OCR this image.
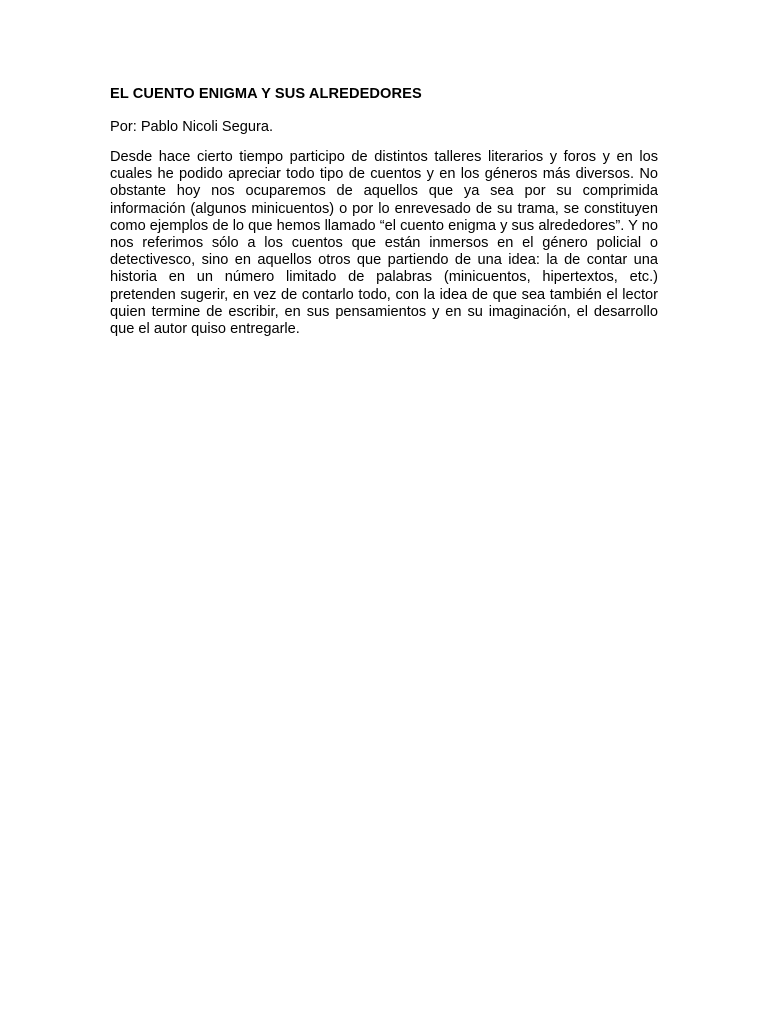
EL CUENTO ENIGMA Y SUS ALREDEDORES

Por: Pablo Nicoli Segura.

Desde hace cierto tiempo participo de distintos talleres literarios y foros y en los cuales he podido apreciar todo tipo de cuentos y en los géneros más diversos. No obstante hoy nos ocuparemos de aquellos que ya sea por su comprimida información (algunos minicuentos) o por lo enrevesado de su trama, se constituyen como ejemplos de lo que hemos llamado “el cuento enigma y sus alrededores”. Y no nos referimos sólo a los cuentos que están inmersos en el género policial o detectivesco, sino en aquellos otros que partiendo de una idea: la de contar una historia en un número limitado de palabras (minicuentos, hipertextos, etc.) pretenden sugerir, en vez de contarlo todo, con la idea de que sea también el lector quien termine de escribir, en sus pensamientos y en su imaginación, el desarrollo que el autor quiso entregarle.
